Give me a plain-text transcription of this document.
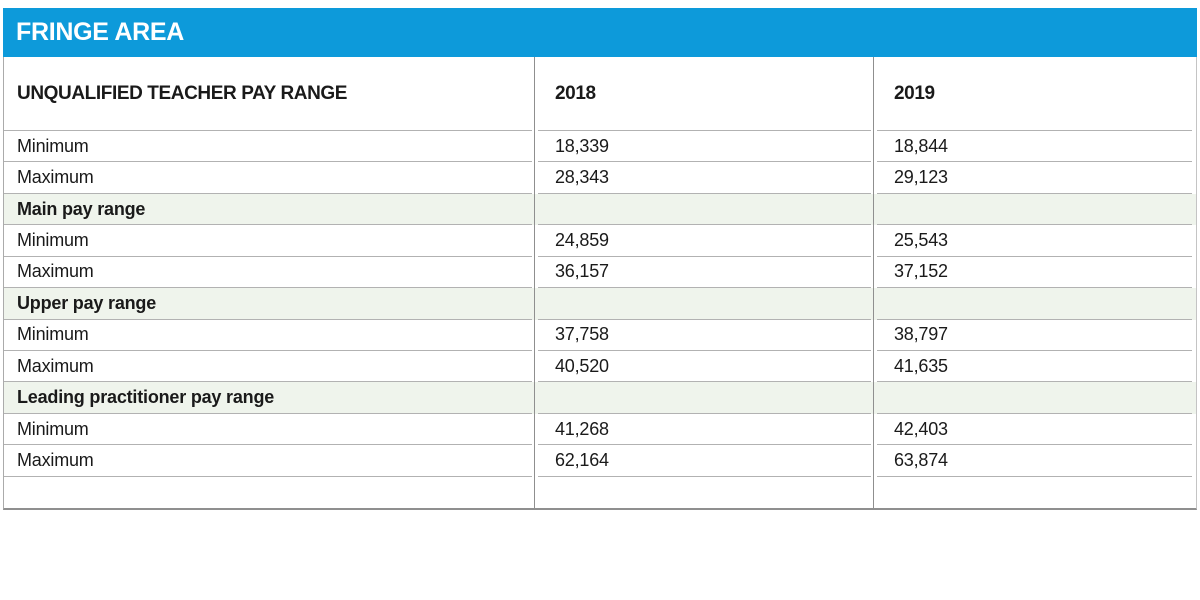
FRINGE AREA
UNQUALIFIED TEACHER PAY RANGE	2018	2019
Minimum	18,339	18,844
Maximum	28,343	29,123
Main pay range
Minimum	24,859	25,543
Maximum	36,157	37,152
Upper pay range
Minimum	37,758	38,797
Maximum	40,520	41,635
Leading practitioner pay range
Minimum	41,268	42,403
Maximum	62,164	63,874
